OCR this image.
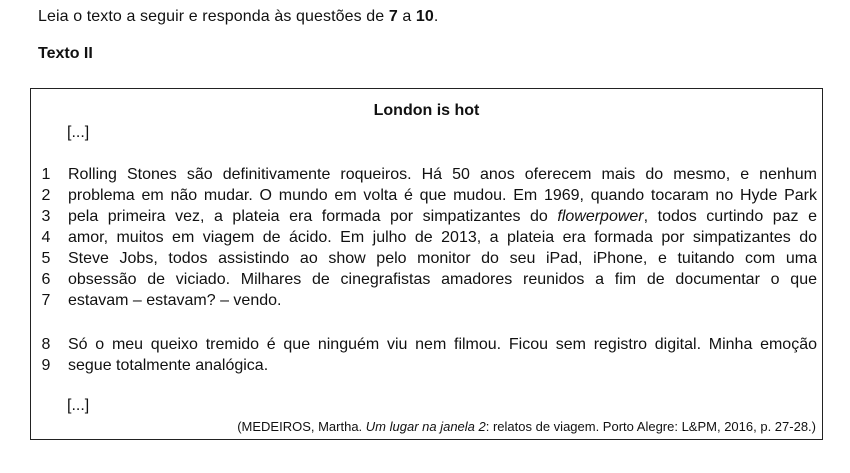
Leia o texto a seguir e responda às questões de 7 a 10.
Texto II
London is hot
[...]
1 Rolling Stones são definitivamente roqueiros. Há 50 anos oferecem mais do mesmo, e nenhum
2 problema em não mudar. O mundo em volta é que mudou. Em 1969, quando tocaram no Hyde Park
3 pela primeira vez, a plateia era formada por simpatizantes do flowerpower, todos curtindo paz e
4 amor, muitos em viagem de ácido. Em julho de 2013, a plateia era formada por simpatizantes do
5 Steve Jobs, todos assistindo ao show pelo monitor do seu iPad, iPhone, e tuitando com uma
6 obsessão de viciado. Milhares de cinegrafistas amadores reunidos a fim de documentar o que
7 estavam – estavam? – vendo.
8 Só o meu queixo tremido é que ninguém viu nem filmou. Ficou sem registro digital. Minha emoção
9 segue totalmente analógica.
[...]
(MEDEIROS, Martha. Um lugar na janela 2: relatos de viagem. Porto Alegre: L&PM, 2016, p. 27-28.)
